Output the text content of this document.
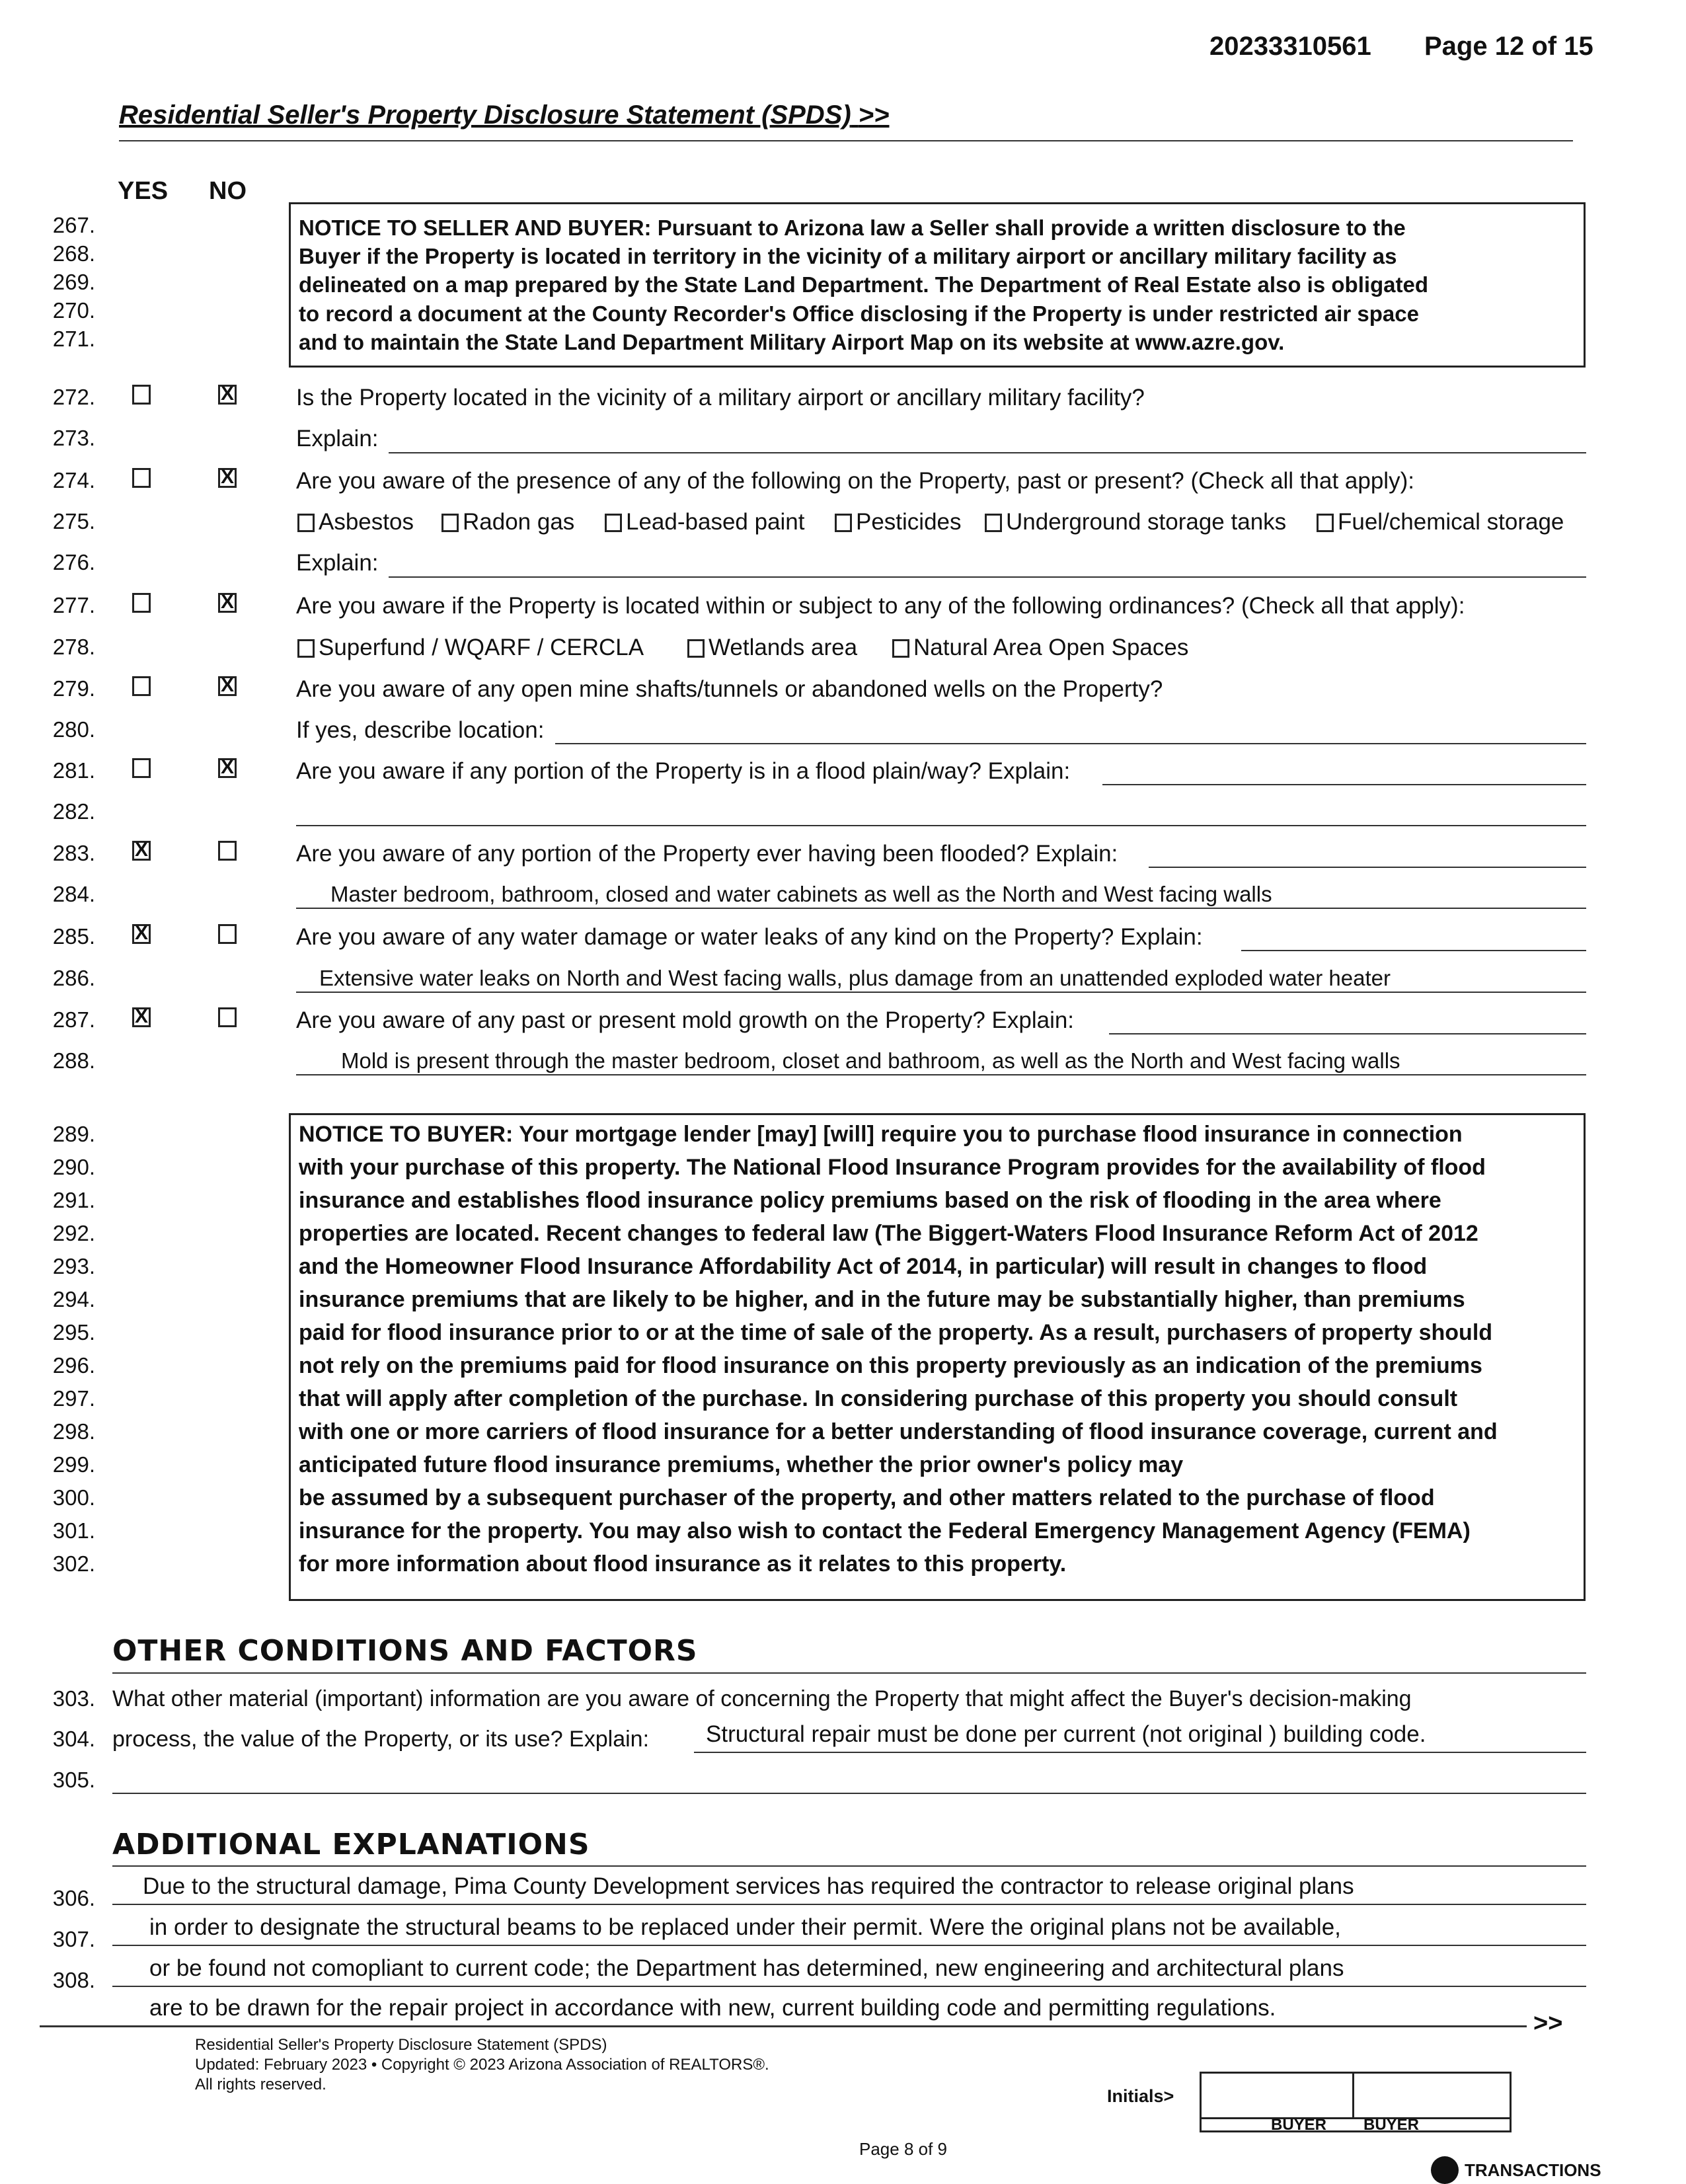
20233310561 Page 12 of 15
Residential Seller's Property Disclosure Statement (SPDS) >>
YES NO
267.
268.
269.
270.
271.
NOTICE TO SELLER AND BUYER: Pursuant to Arizona law a Seller shall provide a written disclosure to the
Buyer if the Property is located in territory in the vicinity of a military airport or ancillary military facility as
delineated on a map prepared by the State Land Department. The Department of Real Estate also is obligated
to record a document at the County Recorder's Office disclosing if the Property is under restricted air space
and to maintain the State Land Department Military Airport Map on its website at www.azre.gov.
272.	X	Is the Property located in the vicinity of a military airport or ancillary military facility?
273.	Explain:
274.	X	Are you aware of the presence of any of the following on the Property, past or present? (Check all that apply):
275.	Asbestos	Radon gas	Lead-based paint	Pesticides	Underground storage tanks	Fuel/chemical storage
276.	Explain:
277.	X	Are you aware if the Property is located within or subject to any of the following ordinances? (Check all that apply):
278.	Superfund / WQARF / CERCLA	Wetlands area	Natural Area Open Spaces
279.	X	Are you aware of any open mine shafts/tunnels or abandoned wells on the Property?
280.	If yes, describe location:
281.	X	Are you aware if any portion of the Property is in a flood plain/way? Explain:
282.
283. X	Are you aware of any portion of the Property ever having been flooded? Explain:
284.	Master bedroom, bathroom, closed and water cabinets as well as the North and West facing walls
285. X	Are you aware of any water damage or water leaks of any kind on the Property? Explain:
286.	Extensive water leaks on North and West facing walls, plus damage from an unattended exploded water heater
287. X	Are you aware of any past or present mold growth on the Property? Explain:
288.	Mold is present through the master bedroom, closet and bathroom, as well as the North and West facing walls
289.
290.
291.
292.
293.
294.
295.
296.
297.
298.
299.
300.
301.
302.
NOTICE TO BUYER: Your mortgage lender [may] [will] require you to purchase flood insurance in connection
with your purchase of this property. The National Flood Insurance Program provides for the availability of flood
insurance and establishes flood insurance policy premiums based on the risk of flooding in the area where
properties are located. Recent changes to federal law (The Biggert-Waters Flood Insurance Reform Act of 2012
and the Homeowner Flood Insurance Affordability Act of 2014, in particular) will result in changes to flood
insurance premiums that are likely to be higher, and in the future may be substantially higher, than premiums
paid for flood insurance prior to or at the time of sale of the property. As a result, purchasers of property should
not rely on the premiums paid for flood insurance on this property previously as an indication of the premiums
that will apply after completion of the purchase. In considering purchase of this property you should consult
with one or more carriers of flood insurance for a better understanding of flood insurance coverage, current and
anticipated future flood insurance premiums, whether the prior owner's policy may
be assumed by a subsequent purchaser of the property, and other matters related to the purchase of flood
insurance for the property. You may also wish to contact the Federal Emergency Management Agency (FEMA)
for more information about flood insurance as it relates to this property.
OTHER CONDITIONS AND FACTORS
303. What other material (important) information are you aware of concerning the Property that might affect the Buyer's decision-making
304. process, the value of the Property, or its use? Explain: Structural repair must be done per current (not original ) building code.
305.
ADDITIONAL EXPLANATIONS
306. Due to the structural damage, Pima County Development services has required the contractor to release original plans
307. in order to designate the structural beams to be replaced under their permit. Were the original plans not be available,
308. or be found not comopliant to current code; the Department has determined, new engineering and architectural plans
are to be drawn for the repair project in accordance with new, current building code and permitting regulations.
>>
Residential Seller's Property Disclosure Statement (SPDS)
Updated: February 2023 • Copyright © 2023 Arizona Association of REALTORS®.
All rights reserved.
Initials>
BUYER BUYER
Page 8 of 9
TRANSACTIONS
